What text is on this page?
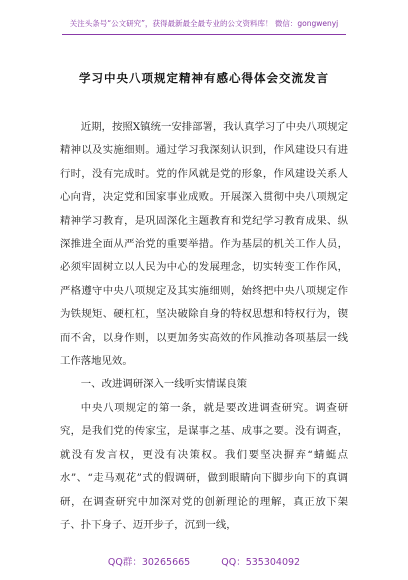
关注头条号“公文研究”，获得最新最全最专业的公文资料库！ 微信：gongwenyj
学习中央八项规定精神有感心得体会交流发言

近期，按照X镇统一安排部署，我认真学习了中央八项规定精神以及实施细则。通过学习我深刻认识到，作风建设只有进行时，没有完成时。党的作风就是党的形象，作风建设关系人心向背，决定党和国家事业成败。开展深入贯彻中央八项规定精神学习教育，是巩固深化主题教育和党纪学习教育成果、纵深推进全面从严治党的重要举措。作为基层的机关工作人员，必须牢固树立以人民为中心的发展理念，切实转变工作作风，严格遵守中央八项规定及其实施细则，始终把中央八项规定作为铁规矩、硬杠杠，坚决破除自身的特权思想和特权行为，锲而不舍，以身作则，以更加务实高效的作风推动各项基层一线工作落地见效。

一、改进调研深入一线听实情谋良策

中央八项规定的第一条，就是要改进调查研究。调查研究，是我们党的传家宝，是谋事之基、成事之要。没有调查，就没有发言权，更没有决策权。我们要坚决摒弃“蜻蜓点水”、“走马观花”式的假调研，做到眼睛向下脚步向下的真调研，在调查研究中加深对党的创新理论的理解，真正放下架子、扑下身子、迈开步子，沉到一线，

QQ群：30265665	QQ：535304092
